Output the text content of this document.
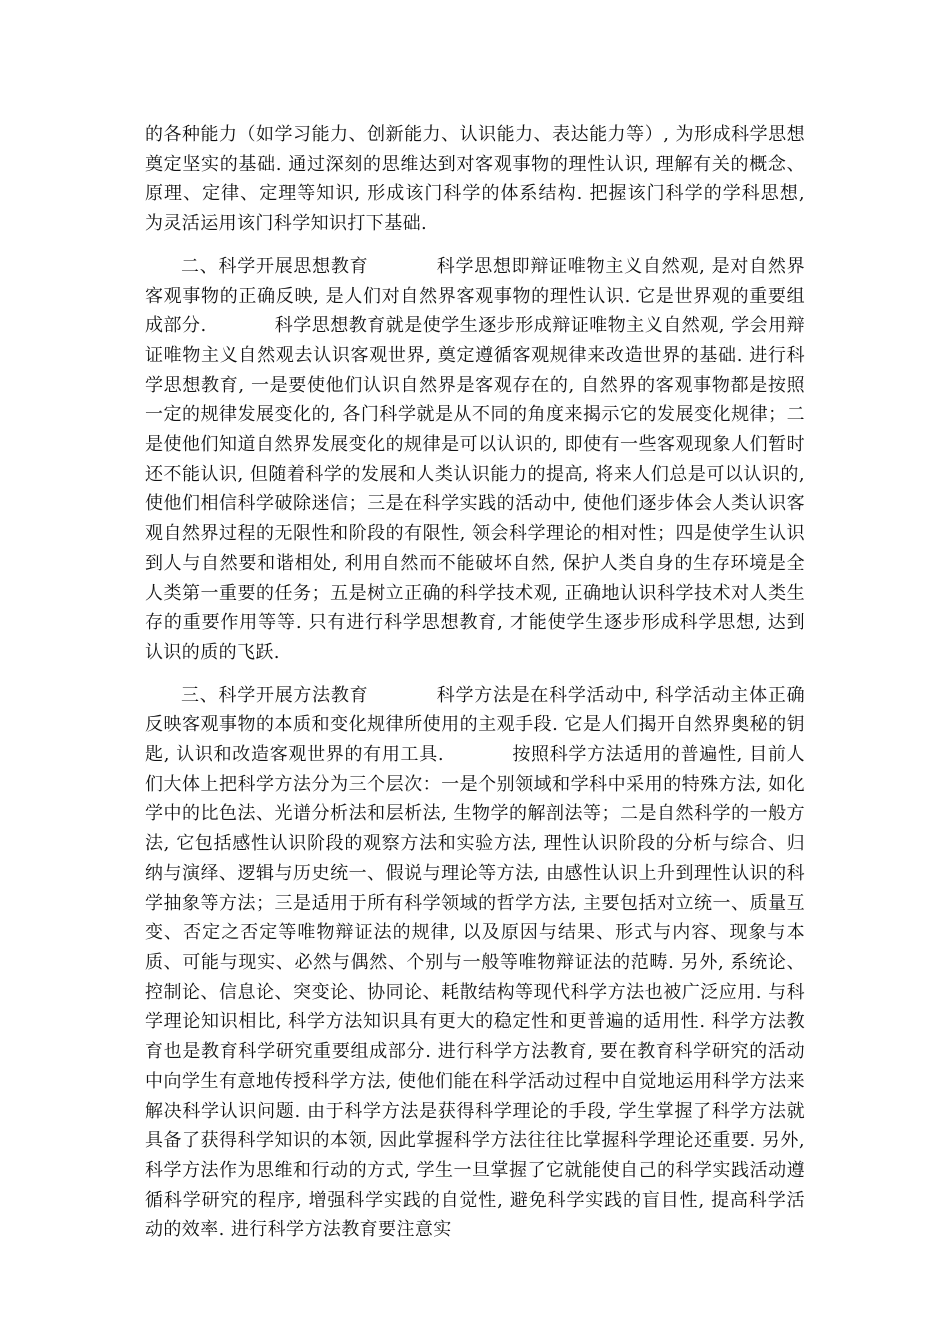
的各种能力（如学习能力、创新能力、认识能力、表达能力等）, 为形成科学思想奠定坚实的基础. 通过深刻的思维达到对客观事物的理性认识, 理解有关的概念、原理、定律、定理等知识, 形成该门科学的体系结构. 把握该门科学的学科思想, 为灵活运用该门科学知识打下基础.

二、科学开展思想教育	科学思想即辩证唯物主义自然观, 是对自然界客观事物的正确反映, 是人们对自然界客观事物的理性认识. 它是世界观的重要组成部分.	科学思想教育就是使学生逐步形成辩证唯物主义自然观, 学会用辩证唯物主义自然观去认识客观世界, 奠定遵循客观规律来改造世界的基础. 进行科学思想教育, 一是要使他们认识自然界是客观存在的, 自然界的客观事物都是按照一定的规律发展变化的, 各门科学就是从不同的角度来揭示它的发展变化规律；二是使他们知道自然界发展变化的规律是可以认识的, 即使有一些客观现象人们暂时还不能认识, 但随着科学的发展和人类认识能力的提高, 将来人们总是可以认识的, 使他们相信科学破除迷信；三是在科学实践的活动中, 使他们逐步体会人类认识客观自然界过程的无限性和阶段的有限性, 领会科学理论的相对性；四是使学生认识到人与自然要和谐相处, 利用自然而不能破坏自然, 保护人类自身的生存环境是全人类第一重要的任务；五是树立正确的科学技术观, 正确地认识科学技术对人类生存的重要作用等等. 只有进行科学思想教育, 才能使学生逐步形成科学思想, 达到认识的质的飞跃.

三、科学开展方法教育	科学方法是在科学活动中, 科学活动主体正确反映客观事物的本质和变化规律所使用的主观手段. 它是人们揭开自然界奥秘的钥匙, 认识和改造客观世界的有用工具.	按照科学方法适用的普遍性, 目前人们大体上把科学方法分为三个层次：一是个别领域和学科中采用的特殊方法, 如化学中的比色法、光谱分析法和层析法, 生物学的解剖法等；二是自然科学的一般方法, 它包括感性认识阶段的观察方法和实验方法, 理性认识阶段的分析与综合、归纳与演绎、逻辑与历史统一、假说与理论等方法, 由感性认识上升到理性认识的科学抽象等方法；三是适用于所有科学领域的哲学方法, 主要包括对立统一、质量互变、否定之否定等唯物辩证法的规律, 以及原因与结果、形式与内容、现象与本质、可能与现实、必然与偶然、个别与一般等唯物辩证法的范畴. 另外, 系统论、控制论、信息论、突变论、协同论、耗散结构等现代科学方法也被广泛应用. 与科学理论知识相比, 科学方法知识具有更大的稳定性和更普遍的适用性. 科学方法教育也是教育科学研究重要组成部分. 进行科学方法教育, 要在教育科学研究的活动中向学生有意地传授科学方法, 使他们能在科学活动过程中自觉地运用科学方法来解决科学认识问题. 由于科学方法是获得科学理论的手段, 学生掌握了科学方法就具备了获得科学知识的本领, 因此掌握科学方法往往比掌握科学理论还重要. 另外, 科学方法作为思维和行动的方式, 学生一旦掌握了它就能使自己的科学实践活动遵循科学研究的程序, 增强科学实践的自觉性, 避免科学实践的盲目性, 提高科学活动的效率. 进行科学方法教育要注意实
